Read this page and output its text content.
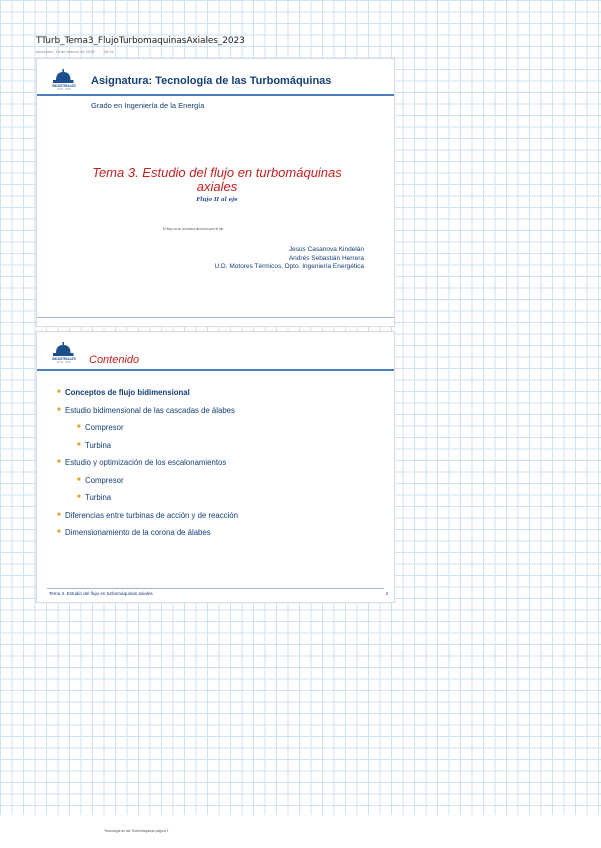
TTurb_Tema3_FlujoTurbomaquinasAxiales_2023
miércoles, 18 de febrero de 2026 10:41
INDUSTRIALES
ETSII · UPM
Asignatura: Tecnología de las Turbomáquinas
Grado en Ingeniería de la Energía
Tema 3. Estudio del flujo en turbomáquinas
axiales
Flujo II al eje
El flujo va en la misma dirección que el eje
Jesús Casanova Kindelán
Andrés Sebastián Herrera
U.D. Motores Térmicos, Dpto. Ingeniería Energética
INDUSTRIALES
ETSII · UPM	Contenido
■ Conceptos de flujo bidimensional
■ Estudio bidimensional de las cascadas de álabes
■ Compresor
■ Turbina
■ Estudio y optimización de los escalonamientos
■ Compresor
■ Turbina
■ Diferencias entre turbinas de acción y de reacción
■ Dimensionamiento de la corona de álabes
Tema 3. Estudio del flujo en turbomáquinas axiales	2
Tecnología de las Turbomáquinas página 1
